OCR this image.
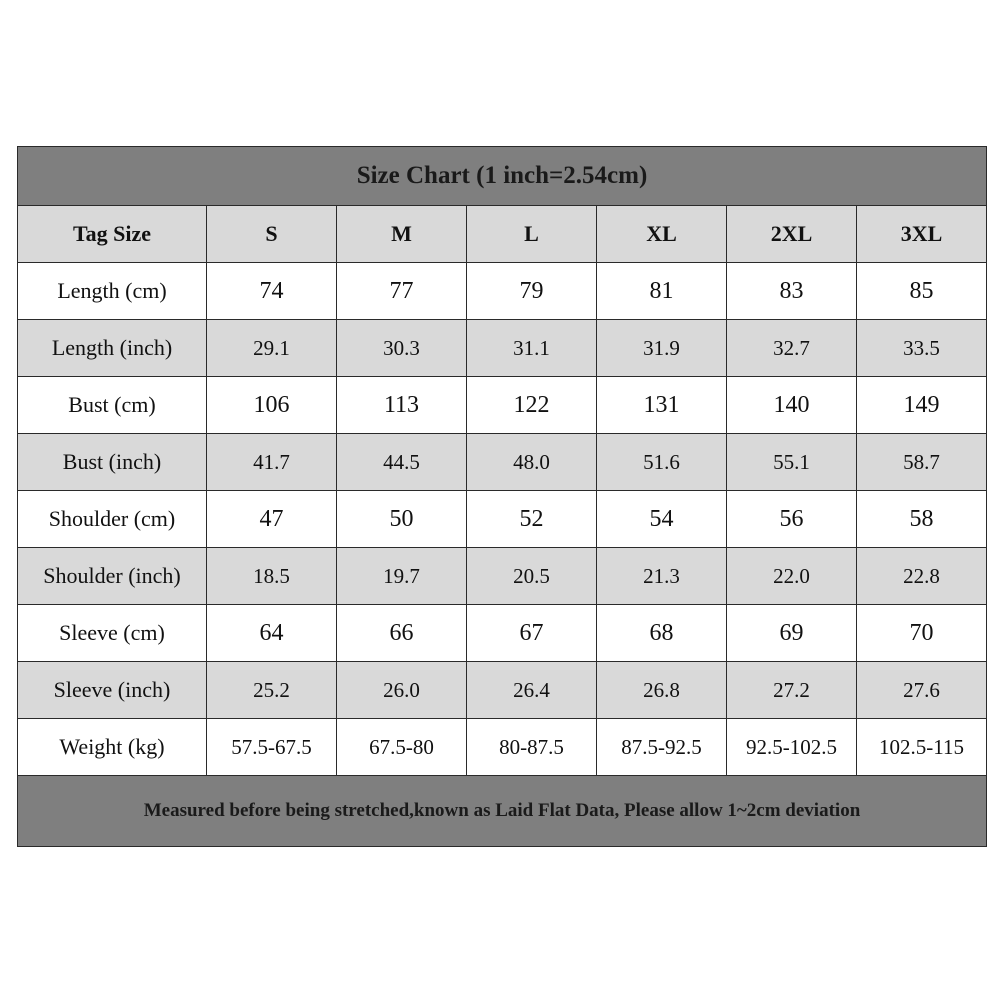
Size Chart (1 inch=2.54cm)						
Tag Size	S	M	L	XL	2XL	3XL
Length (cm)	74	77	79	81	83	85
Length (inch)	29.1	30.3	31.1	31.9	32.7	33.5
Bust (cm)	106	113	122	131	140	149
Bust (inch)	41.7	44.5	48.0	51.6	55.1	58.7
Shoulder (cm)	47	50	52	54	56	58
Shoulder (inch)	18.5	19.7	20.5	21.3	22.0	22.8
Sleeve (cm)	64	66	67	68	69	70
Sleeve (inch)	25.2	26.0	26.4	26.8	27.2	27.6
Weight (kg)	57.5-67.5	67.5-80	80-87.5	87.5-92.5	92.5-102.5	102.5-115
Measured before being stretched,known as Laid Flat Data, Please allow 1~2cm deviation						
